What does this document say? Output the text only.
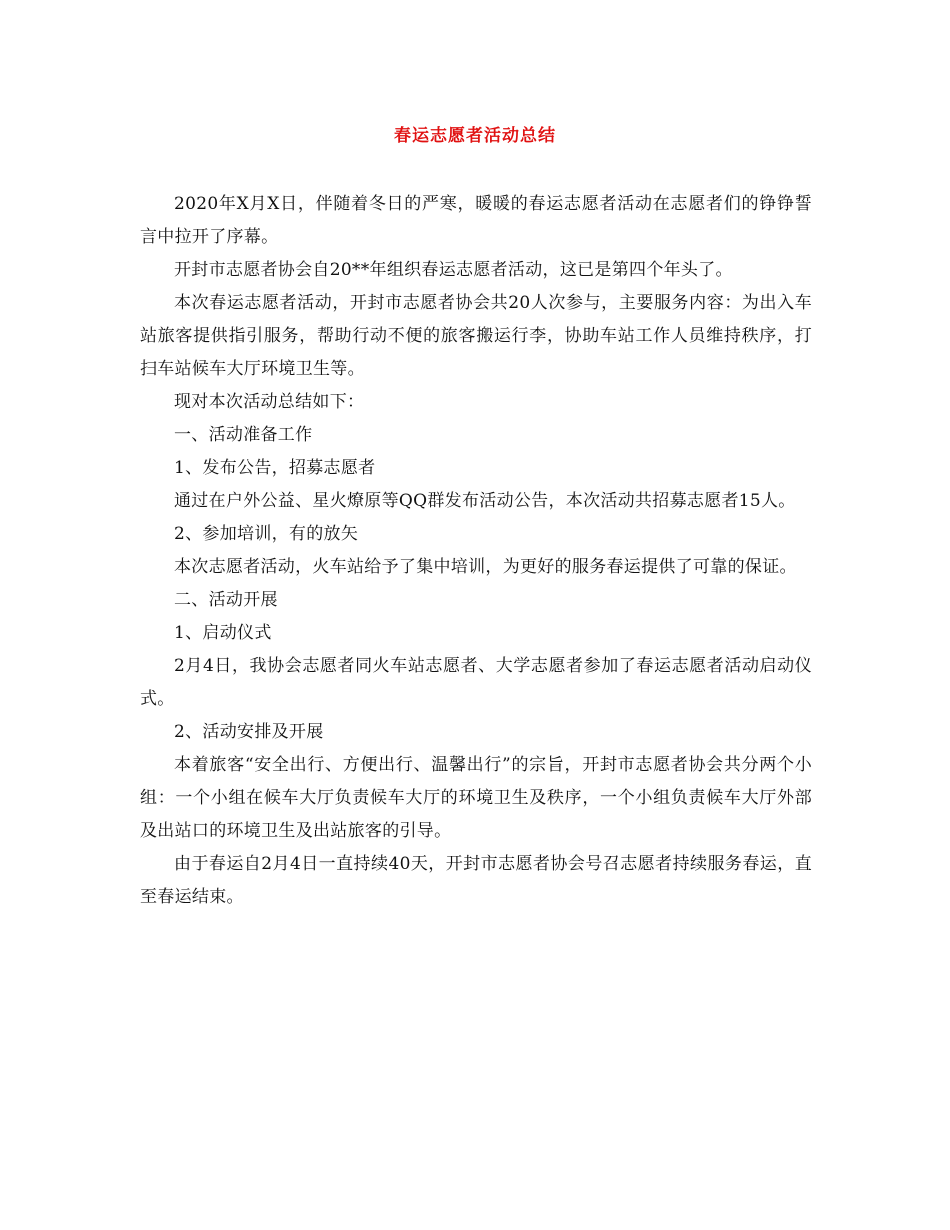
春运志愿者活动总结

2020年X月X日，伴随着冬日的严寒，暖暖的春运志愿者活动在志愿者们的铮铮誓言中拉开了序幕。

开封市志愿者协会自20**年组织春运志愿者活动，这已是第四个年头了。

本次春运志愿者活动，开封市志愿者协会共20人次参与，主要服务内容：为出入车站旅客提供指引服务，帮助行动不便的旅客搬运行李，协助车站工作人员维持秩序，打扫车站候车大厅环境卫生等。

现对本次活动总结如下：

一、活动准备工作

1、发布公告，招募志愿者

通过在户外公益、星火燎原等QQ群发布活动公告，本次活动共招募志愿者15人。

2、参加培训，有的放矢

本次志愿者活动，火车站给予了集中培训，为更好的服务春运提供了可靠的保证。

二、活动开展

1、启动仪式

2月4日，我协会志愿者同火车站志愿者、大学志愿者参加了春运志愿者活动启动仪式。

2、活动安排及开展

本着旅客“安全出行、方便出行、温馨出行”的宗旨，开封市志愿者协会共分两个小组：一个小组在候车大厅负责候车大厅的环境卫生及秩序，一个小组负责候车大厅外部及出站口的环境卫生及出站旅客的引导。

由于春运自2月4日一直持续40天，开封市志愿者协会号召志愿者持续服务春运，直至春运结束。
